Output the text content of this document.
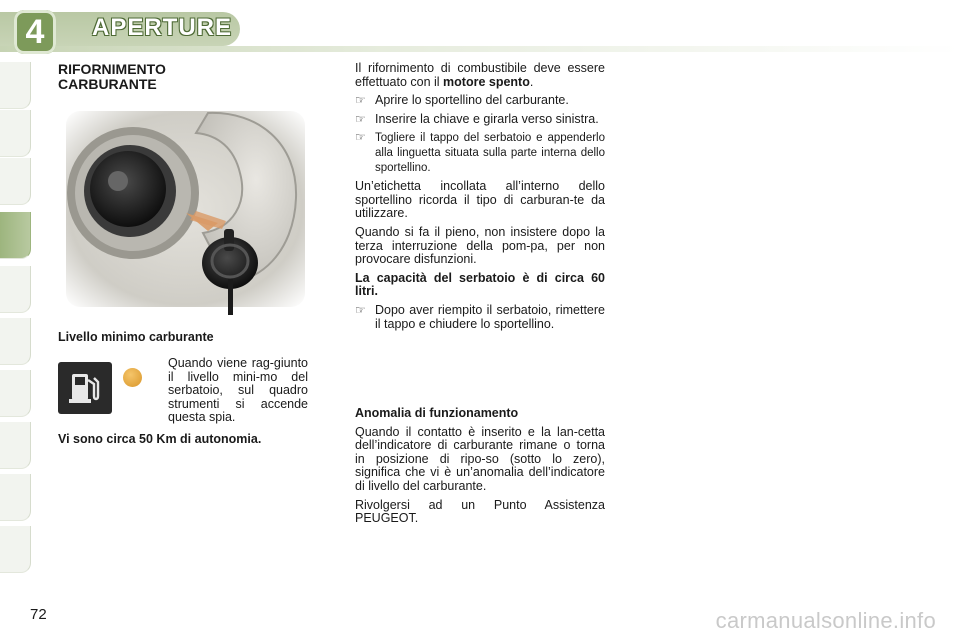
4	APERTURE
RIFORNIMENTO
CARBURANTE
Livello minimo carburante
Quando viene rag-giunto il livello mini-mo del serbatoio, sul quadro strumenti si accende questa spia.
Vi sono circa 50 Km di autonomia.

Il rifornimento di combustibile deve essere effettuato con il motore spento.

☞ Aprire lo sportellino del carburante.
☞ Inserire la chiave e girarla verso sinistra.
☞ Togliere il tappo del serbatoio e appenderlo alla linguetta situata sulla parte interna dello sportellino.

Un’etichetta incollata all’interno dello sportellino ricorda il tipo di carburan-te da utilizzare.

Quando si fa il pieno, non insistere dopo la terza interruzione della pom-pa, per non provocare disfunzioni.

La capacità del serbatoio è di circa 60 litri.

☞ Dopo aver riempito il serbatoio, rimettere il tappo e chiudere lo sportellino.

Anomalia di funzionamento

Quando il contatto è inserito e la lan-cetta dell’indicatore di carburante rimane o torna in posizione di ripo-so (sotto lo zero), significa che vi è un’anomalia dell’indicatore di livello del carburante.

Rivolgersi ad un Punto Assistenza PEUGEOT.

72	carmanualsonline.info
